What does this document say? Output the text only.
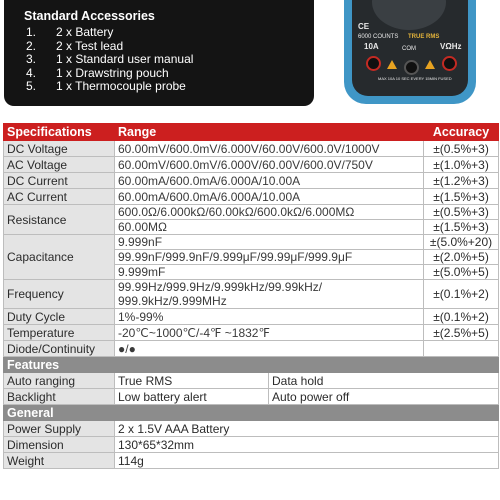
Standard Accessories
1. 2 x Battery
2. 2 x Test lead
3. 1 x Standard user manual
4. 1 x Drawstring pouch
5. 1 x Thermocouple probe
CE
6000 COUNTS TRUE RMS
10A	COM	VΩHz
MAX 10A 10 SEC EVERY 15MIN FUSED
Specifications	Range		Accuracy
DC Voltage	60.00mV/600.0mV/6.000V/60.00V/600.0V/1000V		±(0.5%+3)
AC Voltage	60.00mV/600.0mV/6.000V/60.00V/600.0V/750V		±(1.0%+3)
DC Current	60.00mA/600.0mA/6.000A/10.00A		±(1.2%+3)
AC Current	60.00mA/600.0mA/6.000A/10.00A		±(1.5%+3)
Resistance	600.0Ω/6.000kΩ/60.00kΩ/600.0kΩ/6.000MΩ		±(0.5%+3)
	60.00MΩ		±(1.5%+3)
Capacitance	9.999nF		±(5.0%+20)
	99.99nF/999.9nF/9.999μF/99.99μF/999.9μF		±(2.0%+5)
	9.999mF		±(5.0%+5)
Frequency	99.99Hz/999.9Hz/9.999kHz/99.99kHz/
999.9kHz/9.999MHz		±(0.1%+2)
Duty Cycle	1%-99%		±(0.1%+2)
Temperature	-20℃~1000℃/-4℉ ~1832℉		±(2.5%+5)
Diode/Continuity	●/●		
Features			
Auto ranging	True RMS	Data hold	
Backlight	Low battery alert	Auto power off	
General			
Power Supply	2 x 1.5V AAA Battery		
Dimension	130*65*32mm		
Weight	114g		
